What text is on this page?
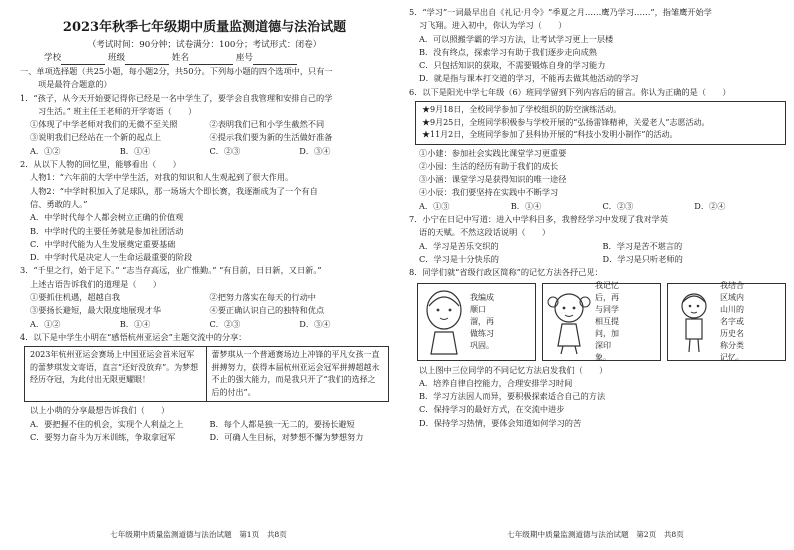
2023年秋季七年级期中质量监测道德与法治试题
（考试时间：90分钟；试卷满分：100分；考试形式：闭卷）
学校	班级	姓名	座号

一、单项选择题（共25小题，每小题2分，共50分。下列每小题的四个选项中，只有一

项是最符合题意的）

1．“孩子，从今天开始要记得你已经是一名中学生了，要学会自我管理和安排自己的学

习生活。” 班主任王老师的开学寄语（　　）

①体现了中学老师对我们的无微不至关照	②表明我们已和小学生截然不同
③说明我们已经站在一个新的起点上	④提示我们要为新的生活做好准备
A．①②	B．①④	C．②③	D．③④

2．从以下人物的回忆里，能够看出（　　）

人物1：“六年前的大学中学生活，对我的知识和人生观起到了很大作用。

人物2：“中学时积加入了足球队，那一场场大个即长赛，我逐渐成为了一个有自

信、勇敢的人。”

A．中学时代每个人都会树立正确的价值观

B．中学时代的主要任务就是参加社团活动

C．中学时代能为人生发展奠定重要基础

D．中学时代是决定人一生命运最重要的阶段

3．“千里之行，始于足下。” “志当存高远，业广惟勤。” “有目前，日日新，又日新。”

上述古语告诉我们的道理是（　　）

①要抓住机遇，超越自我	②把努力落实在每天的行动中
③要扬长避短，最大限度地展现才华	④要正确认识自己的独特和优点
A．①②	B．①④	C．②③	D．③④

4．以下是中学生小明在“感悟杭州亚运会”主题交流中的分享：

2023年杭州亚运会赛场上中国亚运会首米冠军的蕾梦琪发文寄语，直言“还好没放弃”。为梦想经历夺冠，为此付出无限更耀眼！
蕾梦琪从一个普通赛场边上冲锋的平凡女孩一直拼搏努力，获得本届杭州亚运会冠军拼搏超越永不止的强大能力，而是我只开了“我们的选择之后的付出”。

以上小萌的分享最想告诉我们（　　）

A．要把握不住的机会，实现个人利益之上	B．每个人都是独一无二的，要扬长避短
C．要努力奋斗为万米训练，争取拿冠军	D．可确人生目标，对梦想不懈为梦想努力
七年级期中质量监测道德与法治试题　第1页　共8页

5．“学习”一词最早出自《礼记·月令》“季夏之月……鹰乃学习……”，指雏鹰开始学

习飞翔。进入初中，你认为学习（　　）

A．可以照搬学霸的学习方法，让考试学习更上一层楼

B．没有终点，探索学习有助于我们逐步走向成熟

C．只包括知识的获取，不需要锻炼自身的学习能力

D．就是指与课本打交道的学习，不能再去做其他活动的学习

6．以下是阳光中学七年级（6）班同学留到下列内容后的留言。你认为正确的是（　　）

★9月18日，全校同学参加了学校组织的防空演练活动。
★9月25日，全班同学积极参与学校开展的“弘扬雷锋精神，关爱老人”志愿活动。
★11月2日，全班同学参加了县科协开展的“科技小发明小制作”的活动。

①小建：参加社会实践比课堂学习更重要

②小园：生活的经历有助于我们的成长

③小涵：课堂学习是获得知识的唯一途径

④小辰：我们要坚持在实践中不断学习

A．①③	B．①④	C．②③	D．②④

7．小宁在日记中写道：进入中学科目多，我曾经学习中发现了我对学英

语的天赋。不然这段话说明（　　）

A．学习是苦乐交织的	B．学习是苦不堪言的
C．学习是十分快乐的	D．学习是只听老师的

8．同学们就“省级行政区简称”的记忆方法各抒己见：

我编成顺口溜，再做练习巩固。
我记忆后，再与同学相互提问，加深印象。
我结合区域内山川的名字或历史名称分类记忆。

以上图中三位同学的不同记忆方法启发我们（　　）

A．培养自律自控能力，合理安排学习时间

B．学习方法因人而异，要积极探索适合自己的方法

C．保持学习的最好方式，在交流中进步

D．保持学习热情，要体会知道如何学习的苦

七年级期中质量监测道德与法治试题　第2页　共8页
